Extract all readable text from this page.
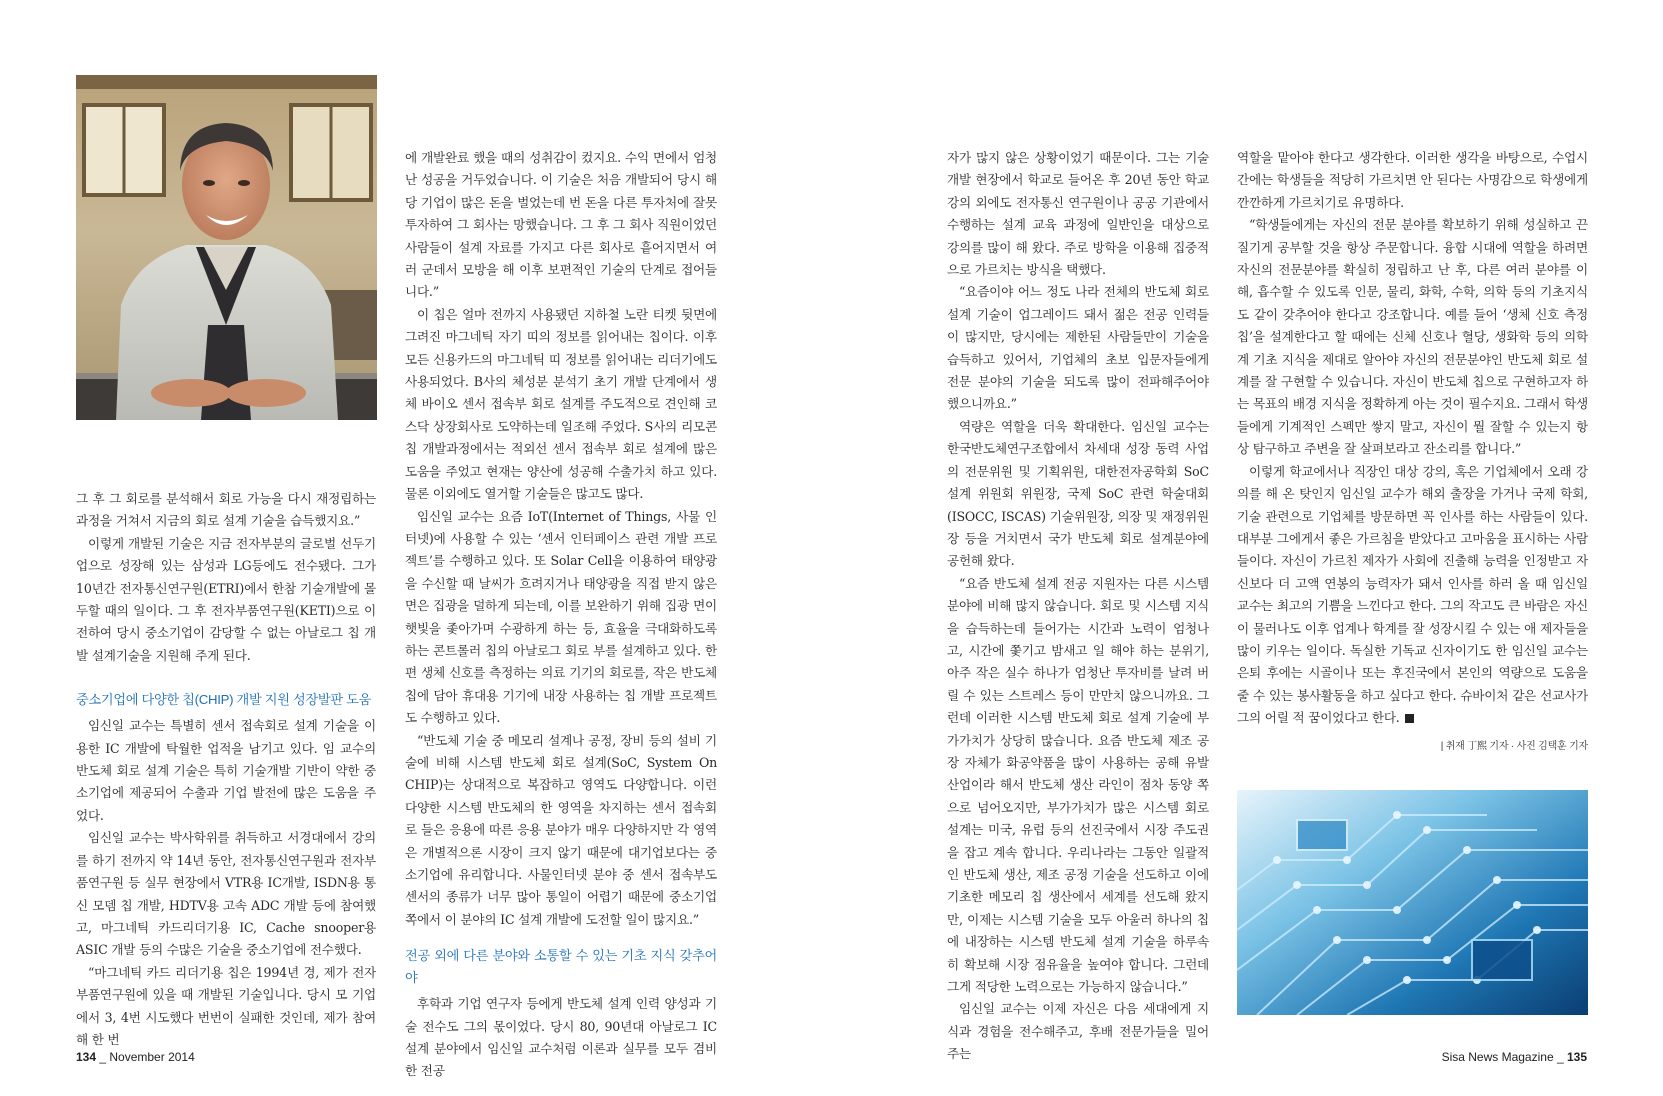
그 후 그 회로를 분석해서 회로 가능을 다시 재정립하는 과정을 거쳐서 지금의 회로 설계 기술을 습득했지요.”

이렇게 개발된 기술은 지금 전자부분의 글로벌 선두기업으로 성장해 있는 삼성과 LG등에도 전수됐다. 그가 10년간 전자통신연구원(ETRI)에서 한참 기술개발에 몰두할 때의 일이다. 그 후 전자부품연구원(KETI)으로 이전하여 당시 중소기업이 감당할 수 없는 아날로그 칩 개발 설계기술을 지원해 주게 된다.

중소기업에 다양한 칩(CHIP) 개발 지원 성장발판 도움

임신일 교수는 특별히 센서 접속회로 설계 기술을 이용한 IC 개발에 탁월한 업적을 남기고 있다. 임 교수의 반도체 회로 설계 기술은 특히 기술개발 기반이 약한 중소기업에 제공되어 수출과 기업 발전에 많은 도움을 주었다.

임신일 교수는 박사학위를 취득하고 서경대에서 강의를 하기 전까지 약 14년 동안, 전자통신연구원과 전자부품연구원 등 실무 현장에서 VTR용 IC개발, ISDN용 통신 모뎀 칩 개발, HDTV용 고속 ADC 개발 등에 참여했고, 마그네틱 카드리더기용 IC, Cache snooper용 ASIC 개발 등의 수많은 기술을 중소기업에 전수했다.

“마그네틱 카드 리더기용 칩은 1994년 경, 제가 전자부품연구원에 있을 때 개발된 기술입니다. 당시 모 기업에서 3, 4번 시도했다 번번이 실패한 것인데, 제가 참여해 한 번

에 개발완료 했을 때의 성취감이 컸지요. 수익 면에서 엄청난 성공을 거두었습니다. 이 기술은 처음 개발되어 당시 해당 기업이 많은 돈을 벌었는데 번 돈을 다른 투자처에 잘못 투자하여 그 회사는 망했습니다. 그 후 그 회사 직원이었던 사람들이 설계 자료를 가지고 다른 회사로 흩어지면서 여러 군데서 모방을 해 이후 보편적인 기술의 단계로 접어들니다.”

이 칩은 얼마 전까지 사용됐던 지하철 노란 티켓 뒷면에 그려진 마그네틱 자기 띠의 정보를 읽어내는 칩이다. 이후 모든 신용카드의 마그네틱 띠 정보를 읽어내는 리더기에도 사용되었다. B사의 체성분 분석기 초기 개발 단계에서 생체 바이오 센서 접속부 회로 설계를 주도적으로 견인해 코스닥 상장회사로 도약하는데 일조해 주었다. S사의 리모콘 칩 개발과정에서는 적외선 센서 접속부 회로 설계에 많은 도움을 주었고 현재는 양산에 성공해 수출가치 하고 있다. 물론 이외에도 열거할 기술들은 많고도 많다.

임신일 교수는 요즘 IoT(Internet of Things, 사물 인터넷)에 사용할 수 있는 ‘센서 인터페이스 관련 개발 프로젝트’를 수행하고 있다. 또 Solar Cell을 이용하여 태양광을 수신할 때 날씨가 흐려지거나 태양광을 직접 받지 않은 면은 집광을 덜하게 되는데, 이를 보완하기 위해 집광 면이 햇빛을 좇아가며 수광하게 하는 등, 효율을 극대화하도록 하는 콘트롤러 칩의 아날로그 회로 부를 설계하고 있다. 한편 생체 신호를 측정하는 의료 기기의 회로를, 작은 반도체 칩에 담아 휴대용 기기에 내장 사용하는 칩 개발 프로젝트도 수행하고 있다.

“반도체 기술 중 메모리 설계나 공정, 장비 등의 설비 기술에 비해 시스템 반도체 회로 설계(SoC, System On CHIP)는 상대적으로 복잡하고 영역도 다양합니다. 이런 다양한 시스템 반도체의 한 영역을 차지하는 센서 접속회로 들은 응용에 따른 응용 분야가 매우 다양하지만 각 영역은 개별적으론 시장이 크지 않기 때문에 대기업보다는 중소기업에 유리합니다. 사물인터넷 분야 중 센서 접속부도 센서의 종류가 너무 많아 통일이 어렵기 때문에 중소기업 쪽에서 이 분야의 IC 설계 개발에 도전할 일이 많지요.”

전공 외에 다른 분야와 소통할 수 있는 기초 지식 갖추어야

후학과 기업 연구자 등에게 반도체 설계 인력 양성과 기술 전수도 그의 몫이었다. 당시 80, 90년대 아날로그 IC 설계 분야에서 임신일 교수처럼 이론과 실무를 모두 겸비한 전공

134 _ November 2014

자가 많지 않은 상황이었기 때문이다. 그는 기술개발 현장에서 학교로 들어온 후 20년 동안 학교 강의 외에도 전자통신 연구원이나 공공 기관에서 수행하는 설계 교육 과정에 일반인을 대상으로 강의를 많이 해 왔다. 주로 방학을 이용해 집중적으로 가르치는 방식을 택했다.

“요즘이야 어느 정도 나라 전체의 반도체 회로 설계 기술이 업그레이드 돼서 젊은 전공 인력들이 많지만, 당시에는 제한된 사람들만이 기술을 습득하고 있어서, 기업체의 초보 입문자들에게 전문 분야의 기술을 되도록 많이 전파해주어야 했으니까요.”

역량은 역할을 더욱 확대한다. 임신일 교수는 한국반도체연구조합에서 차세대 성장 동력 사업의 전문위원 및 기획위원, 대한전자공학회 SoC 설계 위원회 위원장, 국제 SoC 관련 학술대회(ISOCC, ISCAS) 기술위원장, 의장 및 재정위원장 등을 거치면서 국가 반도체 회로 설계분야에 공헌해 왔다.

“요즘 반도체 설계 전공 지원자는 다른 시스템 분야에 비해 많지 않습니다. 회로 및 시스템 지식을 습득하는데 들어가는 시간과 노력이 엄청나고, 시간에 쫓기고 밤새고 일 해야 하는 분위기, 아주 작은 실수 하나가 엄청난 투자비를 날려 버릴 수 있는 스트레스 등이 만만치 않으니까요. 그런데 이러한 시스템 반도체 회로 설계 기술에 부가가치가 상당히 많습니다. 요즘 반도체 제조 공장 자체가 화공약품을 많이 사용하는 공해 유발 산업이라 해서 반도체 생산 라인이 점차 동양 쪽으로 넘어오지만, 부가가치가 많은 시스템 회로 설계는 미국, 유럽 등의 선진국에서 시장 주도권을 잡고 계속 합니다. 우리나라는 그동안 일괄적인 반도체 생산, 제조 공정 기술을 선도하고 이에 기초한 메모리 칩 생산에서 세계를 선도해 왔지만, 이제는 시스템 기술을 모두 아울러 하나의 칩에 내장하는 시스템 반도체 설계 기술을 하루속히 확보해 시장 점유율을 높여야 합니다. 그런데 그게 적당한 노력으로는 가능하지 않습니다.”

임신일 교수는 이제 자신은 다음 세대에게 지식과 경험을 전수해주고, 후배 전문가들을 밀어주는

역할을 맡아야 한다고 생각한다. 이러한 생각을 바탕으로, 수업시간에는 학생들을 적당히 가르치면 안 된다는 사명감으로 학생에게 깐깐하게 가르치기로 유명하다.

“학생들에게는 자신의 전문 분야를 확보하기 위해 성실하고 끈질기게 공부할 것을 항상 주문합니다. 융합 시대에 역할을 하려면 자신의 전문분야를 확실히 정립하고 난 후, 다른 여러 분야를 이해, 흡수할 수 있도록 인문, 물리, 화학, 수학, 의학 등의 기초지식도 같이 갖추어야 한다고 강조합니다. 예를 들어 ‘생체 신호 측정 칩’을 설계한다고 할 때에는 신체 신호나 혈당, 생화학 등의 의학계 기초 지식을 제대로 알아야 자신의 전문분야인 반도체 회로 설계를 잘 구현할 수 있습니다. 자신이 반도체 칩으로 구현하고자 하는 목표의 배경 지식을 정확하게 아는 것이 필수지요. 그래서 학생들에게 기계적인 스펙만 쌓지 말고, 자신이 뭘 잘할 수 있는지 항상 탐구하고 주변을 잘 살펴보라고 잔소리를 합니다.”

이렇게 학교에서나 직장인 대상 강의, 혹은 기업체에서 오래 강의를 해 온 탓인지 임신일 교수가 해외 출장을 가거나 국제 학회, 기술 관련으로 기업체를 방문하면 꼭 인사를 하는 사람들이 있다. 대부분 그에게서 좋은 가르침을 받았다고 고마움을 표시하는 사람들이다. 자신이 가르친 제자가 사회에 진출해 능력을 인정받고 자신보다 더 고액 연봉의 능력자가 돼서 인사를 하러 올 때 임신일 교수는 최고의 기쁨을 느낀다고 한다. 그의 작고도 큰 바람은 자신이 물러나도 이후 업계나 학계를 잘 성장시킬 수 있는 애 제자들을 많이 키우는 일이다. 독실한 기독교 신자이기도 한 임신일 교수는 은퇴 후에는 시골이나 또는 후진국에서 본인의 역량으로 도움을 줄 수 있는 봉사활동을 하고 싶다고 한다. 슈바이처 같은 선교사가 그의 어릴 적 꿈이었다고 한다. S

| 취재 丁熙 기자 · 사진 김택훈 기자

Sisa News Magazine _ 135
